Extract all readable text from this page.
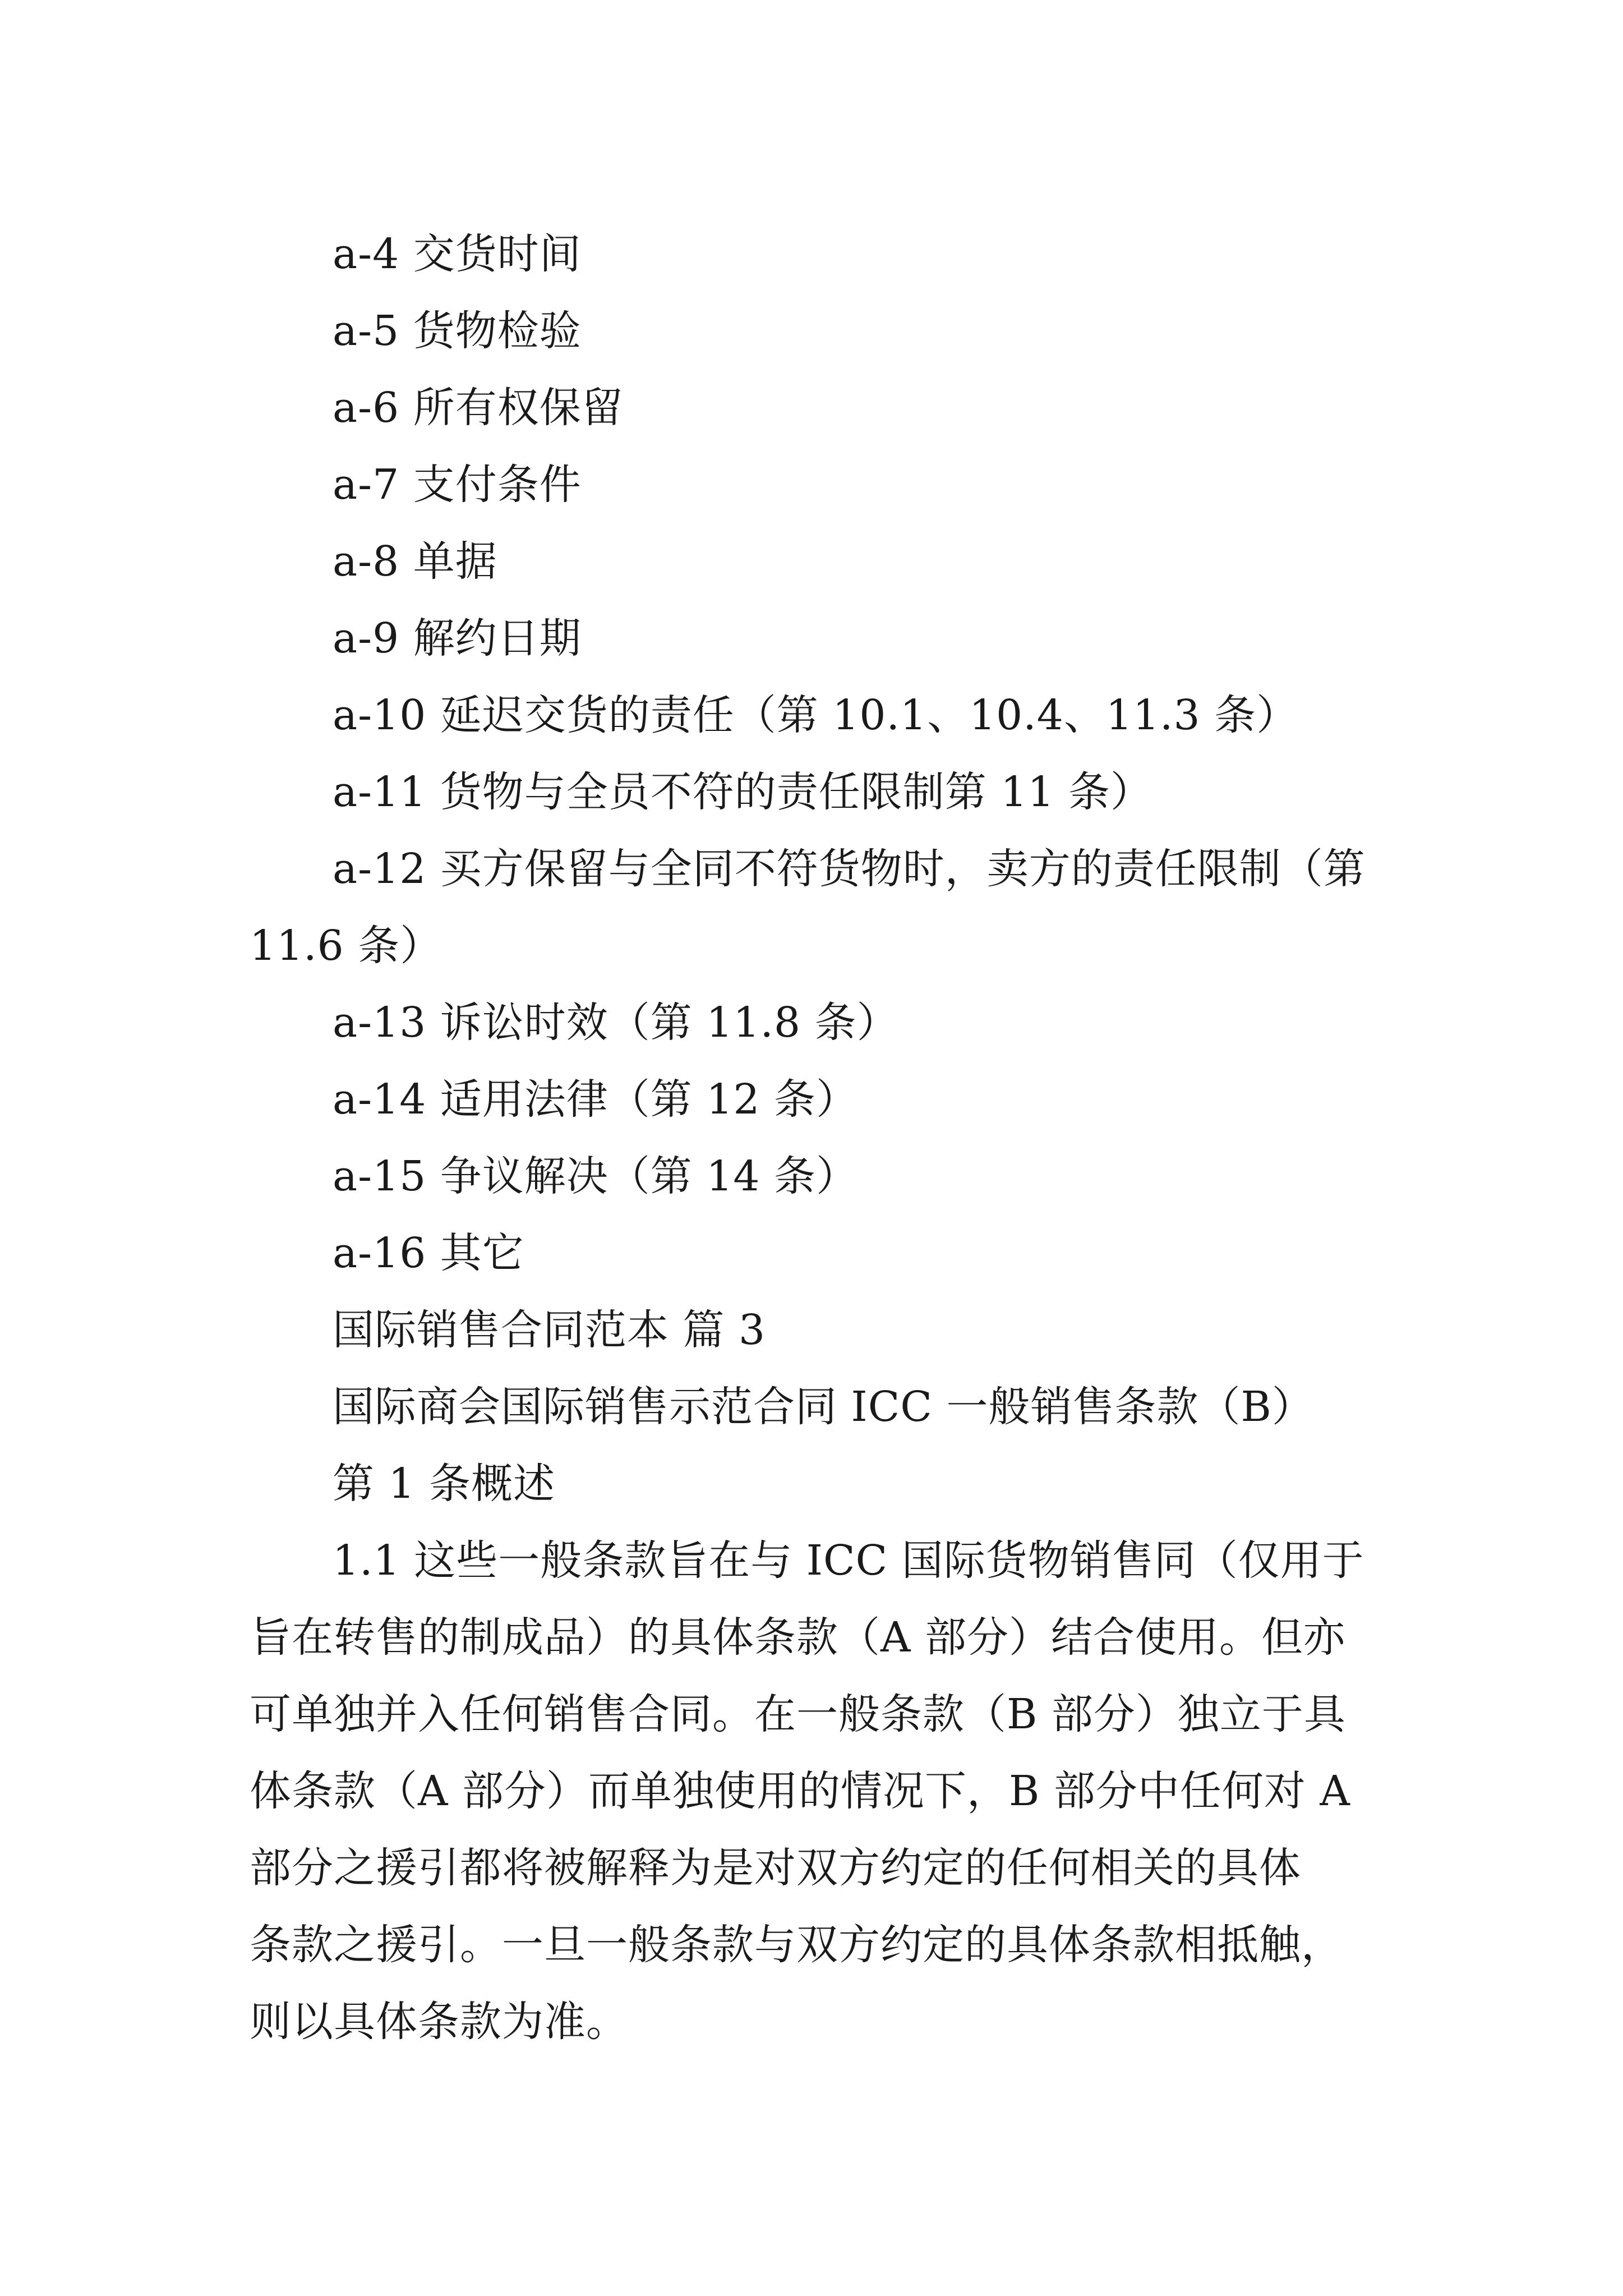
a-4 交货时间
a-5 货物检验
a-6 所有权保留
a-7 支付条件
a-8 单据
a-9 解约日期
a-10 延迟交货的责任（第 10.1、10.4、11.3 条）
a-11 货物与全员不符的责任限制第 11 条）
a-12 买方保留与全同不符货物时，卖方的责任限制（第
11.6 条）
a-13 诉讼时效（第 11.8 条）
a-14 适用法律（第 12 条）
a-15 争议解决（第 14 条）
a-16 其它
国际销售合同范本 篇 3
国际商会国际销售示范合同 ICC 一般销售条款（B）
第 1 条概述
1.1 这些一般条款旨在与 ICC 国际货物销售同（仅用于
旨在转售的制成品）的具体条款（A 部分）结合使用。但亦
可单独并入任何销售合同。在一般条款（B 部分）独立于具
体条款（A 部分）而单独使用的情况下，B 部分中任何对 A
部分之援引都将被解释为是对双方约定的任何相关的具体
条款之援引。一旦一般条款与双方约定的具体条款相抵触，
则以具体条款为准。
